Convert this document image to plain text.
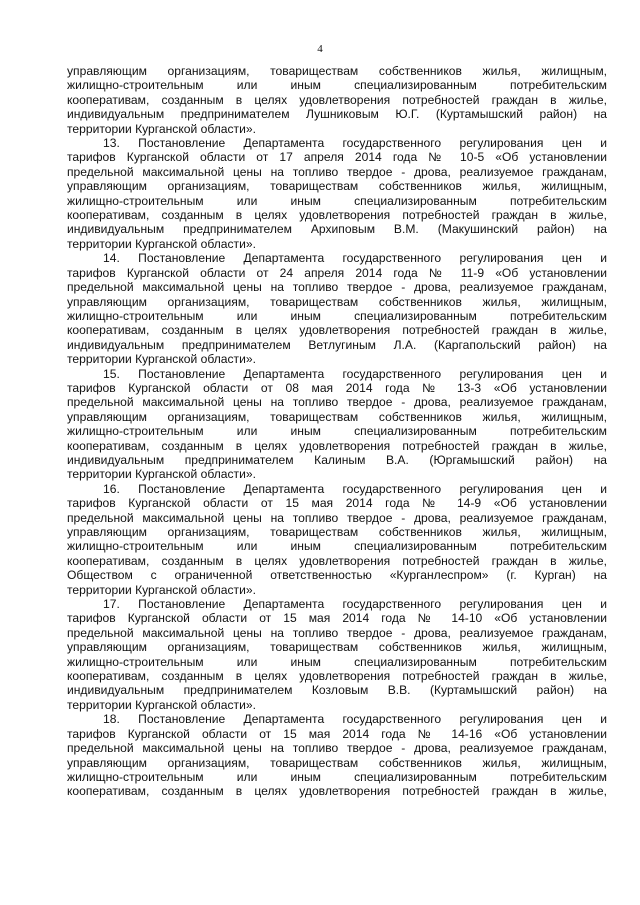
4
управляющим организациям, товариществам собственников жилья, жилищным,
жилищно-строительным или иным специализированным потребительским
кооперативам, созданным в целях удовлетворения потребностей граждан в жилье,
индивидуальным предпринимателем Лушниковым Ю.Г. (Куртамышский район) на
территории Курганской области».
13. Постановление Департамента государственного регулирования цен и
тарифов Курганской области от 17 апреля 2014 года № 10-5 «Об установлении
предельной максимальной цены на топливо твердое - дрова, реализуемое гражданам,
управляющим организациям, товариществам собственников жилья, жилищным,
жилищно-строительным или иным специализированным потребительским
кооперативам, созданным в целях удовлетворения потребностей граждан в жилье,
индивидуальным предпринимателем Архиповым В.М. (Макушинский район) на
территории Курганской области».
14. Постановление Департамента государственного регулирования цен и
тарифов Курганской области от 24 апреля 2014 года № 11-9 «Об установлении
предельной максимальной цены на топливо твердое - дрова, реализуемое гражданам,
управляющим организациям, товариществам собственников жилья, жилищным,
жилищно-строительным или иным специализированным потребительским
кооперативам, созданным в целях удовлетворения потребностей граждан в жилье,
индивидуальным предпринимателем Ветлугиным Л.А. (Каргапольский район) на
территории Курганской области».
15. Постановление Департамента государственного регулирования цен и
тарифов Курганской области от 08 мая 2014 года № 13-3 «Об установлении
предельной максимальной цены на топливо твердое - дрова, реализуемое гражданам,
управляющим организациям, товариществам собственников жилья, жилищным,
жилищно-строительным или иным специализированным потребительским
кооперативам, созданным в целях удовлетворения потребностей граждан в жилье,
индивидуальным предпринимателем Калиным В.А. (Юргамышский район) на
территории Курганской области».
16. Постановление Департамента государственного регулирования цен и
тарифов Курганской области от 15 мая 2014 года № 14-9 «Об установлении
предельной максимальной цены на топливо твердое - дрова, реализуемое гражданам,
управляющим организациям, товариществам собственников жилья, жилищным,
жилищно-строительным или иным специализированным потребительским
кооперативам, созданным в целях удовлетворения потребностей граждан в жилье,
Обществом с ограниченной ответственностью «Курганлеспром» (г. Курган) на
территории Курганской области».
17. Постановление Департамента государственного регулирования цен и
тарифов Курганской области от 15 мая 2014 года № 14-10 «Об установлении
предельной максимальной цены на топливо твердое - дрова, реализуемое гражданам,
управляющим организациям, товариществам собственников жилья, жилищным,
жилищно-строительным или иным специализированным потребительским
кооперативам, созданным в целях удовлетворения потребностей граждан в жилье,
индивидуальным предпринимателем Козловым В.В. (Куртамышский район) на
территории Курганской области».
18. Постановление Департамента государственного регулирования цен и
тарифов Курганской области от 15 мая 2014 года № 14-16 «Об установлении
предельной максимальной цены на топливо твердое - дрова, реализуемое гражданам,
управляющим организациям, товариществам собственников жилья, жилищным,
жилищно-строительным или иным специализированным потребительским
кооперативам, созданным в целях удовлетворения потребностей граждан в жилье,
